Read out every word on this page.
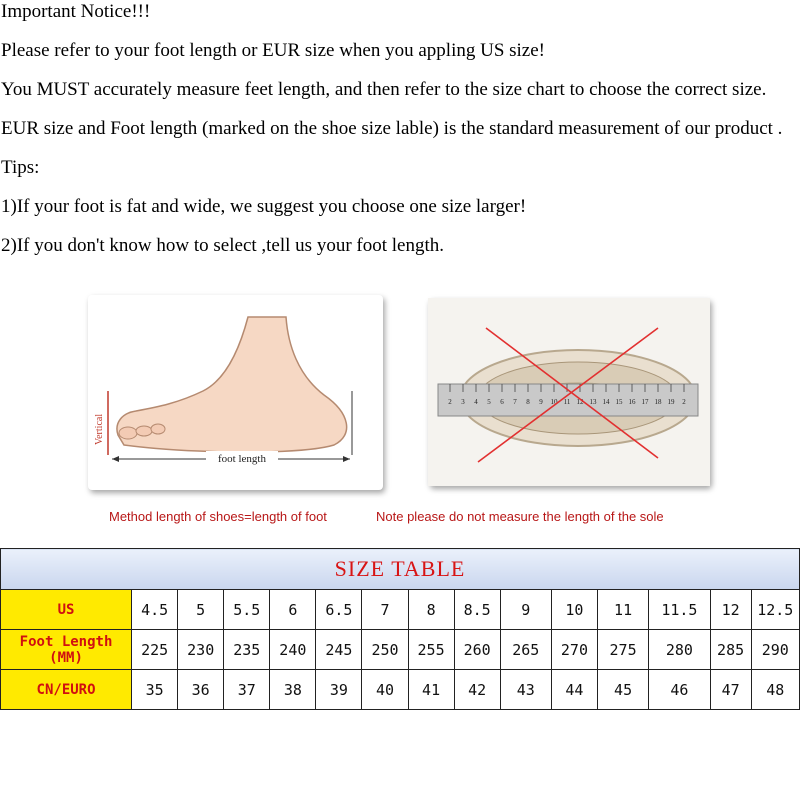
Important Notice!!!

Please refer to your foot length or EUR size when you appling US size!

You MUST accurately measure feet length, and then refer to the size chart to choose the correct size.

EUR size and Foot length (marked on the shoe size lable) is the standard measurement of our product .

Tips:

1)If your foot is fat and wide, we suggest you choose one size larger!

2)If you don't know how to select ,tell us your foot length.

Vertical
foot length
2 3 4 5 6 7 8 9 10 11 12 13 14 15 16 17 18 19 2
Method length of shoes=length of foot	Note please do not measure the length of the sole
SIZE TABLE														

US	4.5	5	5.5	6	6.5	7	8	8.5	9	10	11	11.5	12	12.5

Foot Length
(MM)	225	230	235	240	245	250	255	260	265	270	275	280	285	290

CN/EURO	35	36	37	38	39	40	41	42	43	44	45	46	47	48
